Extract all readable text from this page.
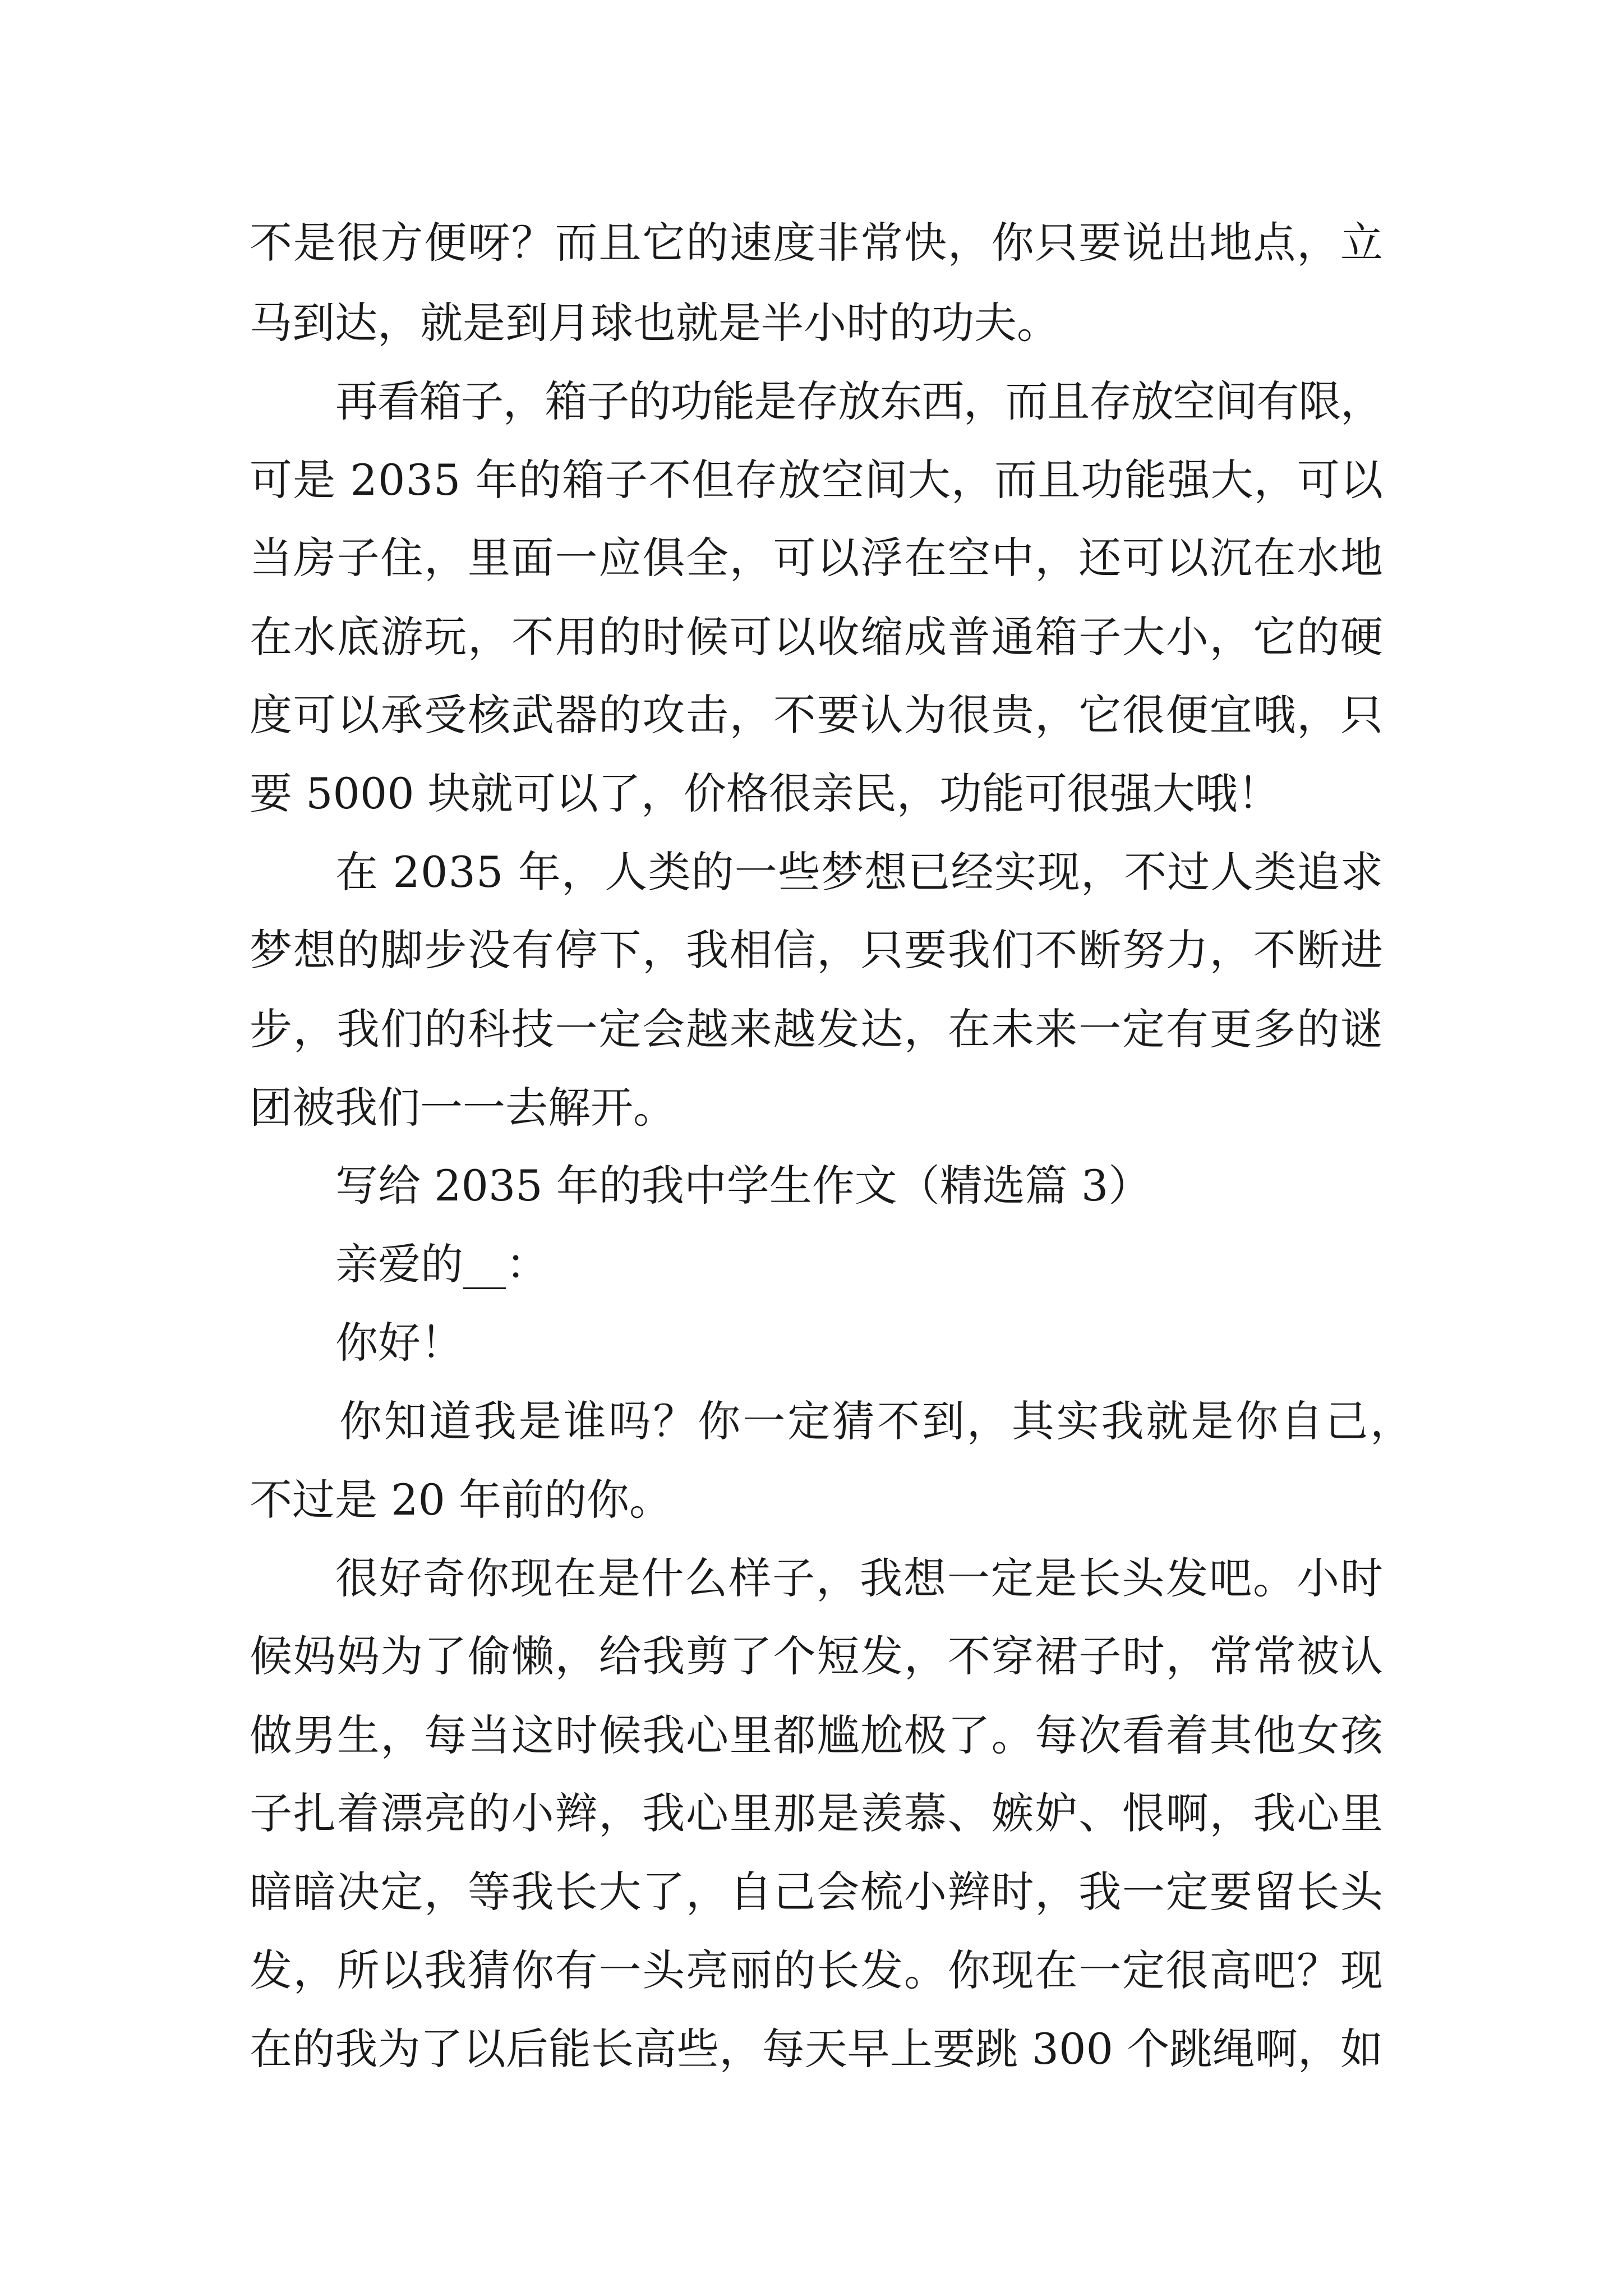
不是很方便呀？而且它的速度非常快，你只要说出地点，立

马到达，就是到月球也就是半小时的功夫。

再看箱子，箱子的功能是存放东西，而且存放空间有限，

可是 2035 年的箱子不但存放空间大，而且功能强大，可以

当房子住，里面一应俱全，可以浮在空中，还可以沉在水地

在水底游玩，不用的时候可以收缩成普通箱子大小，它的硬

度可以承受核武器的攻击，不要认为很贵，它很便宜哦，只

要 5000 块就可以了，价格很亲民，功能可很强大哦！

在 2035 年，人类的一些梦想已经实现，不过人类追求

梦想的脚步没有停下，我相信，只要我们不断努力，不断进

步，我们的科技一定会越来越发达，在未来一定有更多的谜

团被我们一一去解开。

写给 2035 年的我中学生作文（精选篇 3）

亲爱的__：

你好！

你知道我是谁吗？你一定猜不到，其实我就是你自己，

不过是 20 年前的你。

很好奇你现在是什么样子，我想一定是长头发吧。小时

候妈妈为了偷懒，给我剪了个短发，不穿裙子时，常常被认

做男生，每当这时候我心里都尴尬极了。每次看着其他女孩

子扎着漂亮的小辫，我心里那是羡慕、嫉妒、恨啊，我心里

暗暗决定，等我长大了，自己会梳小辫时，我一定要留长头

发，所以我猜你有一头亮丽的长发。你现在一定很高吧？现

在的我为了以后能长高些，每天早上要跳 300 个跳绳啊，如
